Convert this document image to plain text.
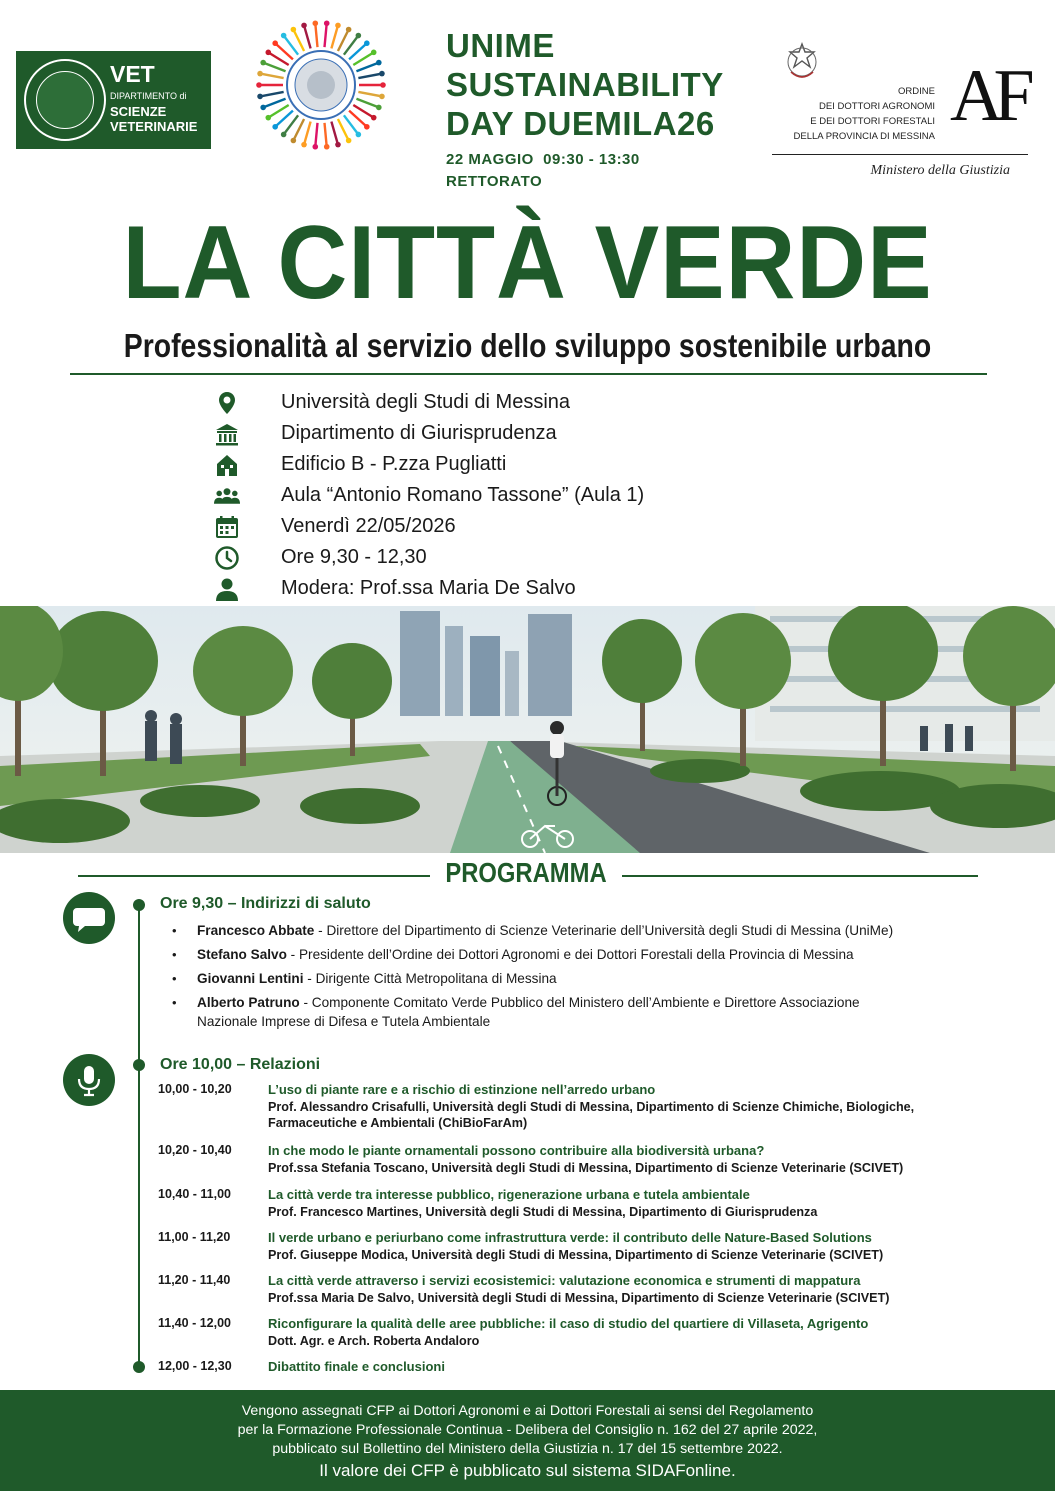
VET
DIPARTIMENTO di
SCIENZE VETERINARIE
UNIME
SUSTAINABILITY
DAY DUEMILA26
22 MAGGIO  09:30 - 13:30
RETTORATO
ORDINE
DEI DOTTORI AGRONOMI
E DEI DOTTORI FORESTALI
DELLA PROVINCIA DI MESSINA AF
Ministero della Giustizia
LA CITTÀ VERDE
Professionalità al servizio dello sviluppo sostenibile urbano
Università degli Studi di Messina
Dipartimento di Giurisprudenza
Edificio B - P.zza Pugliatti
Aula “Antonio Romano Tassone” (Aula 1)
Venerdì 22/05/2026
Ore 9,30 - 12,30
Modera: Prof.ssa Maria De Salvo
PROGRAMMA
Ore 9,30 – Indirizzi di saluto
• Francesco Abbate - Direttore del Dipartimento di Scienze Veterinarie dell’Università degli Studi di Messina (UniMe)
• Stefano Salvo - Presidente dell’Ordine dei Dottori Agronomi e dei Dottori Forestali della Provincia di Messina
• Giovanni Lentini - Dirigente Città Metropolitana di Messina
• Alberto Patruno - Componente Comitato Verde Pubblico del Ministero dell’Ambiente e Direttore Associazione Nazionale Imprese di Difesa e Tutela Ambientale
Ore 10,00 – Relazioni
10,00 - 10,20	L’uso di piante rare e a rischio di estinzione nell’arredo urbano
Prof. Alessandro Crisafulli, Università degli Studi di Messina, Dipartimento di Scienze Chimiche, Biologiche, Farmaceutiche e Ambientali (ChiBioFarAm)
10,20 - 10,40	In che modo le piante ornamentali possono contribuire alla biodiversità urbana?
Prof.ssa Stefania Toscano, Università degli Studi di Messina, Dipartimento di Scienze Veterinarie (SCIVET)
10,40 - 11,00	La città verde tra interesse pubblico, rigenerazione urbana e tutela ambientale
Prof. Francesco Martines, Università degli Studi di Messina, Dipartimento di Giurisprudenza
11,00 - 11,20	Il verde urbano e periurbano come infrastruttura verde: il contributo delle Nature-Based Solutions
Prof. Giuseppe Modica, Università degli Studi di Messina, Dipartimento di Scienze Veterinarie (SCIVET)
11,20 - 11,40	La città verde attraverso i servizi ecosistemici: valutazione economica e strumenti di mappatura
Prof.ssa Maria De Salvo, Università degli Studi di Messina, Dipartimento di Scienze Veterinarie (SCIVET)
11,40 - 12,00	Riconfigurare la qualità delle aree pubbliche: il caso di studio del quartiere di Villaseta, Agrigento
Dott. Agr. e Arch. Roberta Andaloro
12,00 - 12,30	Dibattito finale e conclusioni
Vengono assegnati CFP ai Dottori Agronomi e ai Dottori Forestali ai sensi del Regolamento
per la Formazione Professionale Continua - Delibera del Consiglio n. 162 del 27 aprile 2022,
pubblicato sul Bollettino del Ministero della Giustizia n. 17 del 15 settembre 2022.
Il valore dei CFP è pubblicato sul sistema SIDAFonline.
